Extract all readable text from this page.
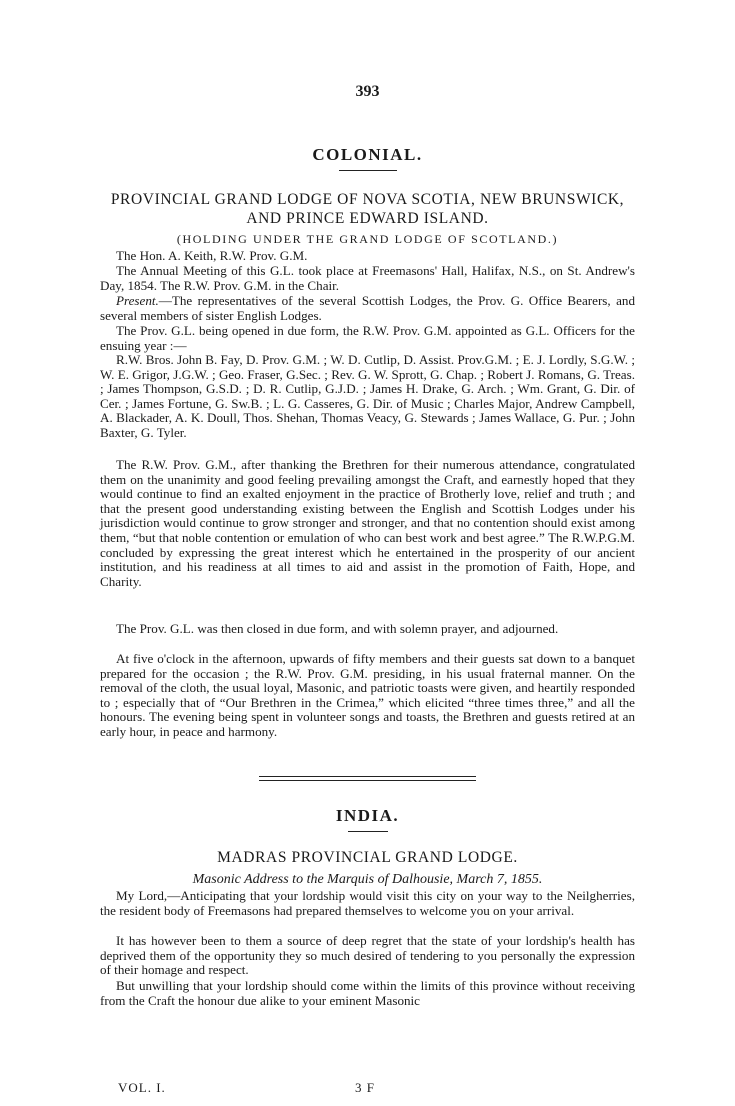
393
COLONIAL.
PROVINCIAL GRAND LODGE OF NOVA SCOTIA, NEW BRUNSWICK, AND PRINCE EDWARD ISLAND.
(HOLDING UNDER THE GRAND LODGE OF SCOTLAND.)
The Hon. A. Keith, R.W. Prov. G.M.
The Annual Meeting of this G.L. took place at Freemasons' Hall, Halifax, N.S., on St. Andrew's Day, 1854. The R.W. Prov. G.M. in the Chair.
Present.—The representatives of the several Scottish Lodges, the Prov. G. Office Bearers, and several members of sister English Lodges.
The Prov. G.L. being opened in due form, the R.W. Prov. G.M. appointed as G.L. Officers for the ensuing year :—
R.W. Bros. John B. Fay, D. Prov. G.M. ; W. D. Cutlip, D. Assist. Prov.G.M. ; E. J. Lordly, S.G.W. ; W. E. Grigor, J.G.W. ; Geo. Fraser, G.Sec. ; Rev. G. W. Sprott, G. Chap. ; Robert J. Romans, G. Treas. ; James Thompson, G.S.D. ; D. R. Cutlip, G.J.D. ; James H. Drake, G. Arch. ; Wm. Grant, G. Dir. of Cer. ; James Fortune, G. Sw.B. ; L. G. Casseres, G. Dir. of Music ; Charles Major, Andrew Campbell, A. Blackader, A. K. Doull, Thos. Shehan, Thomas Veacy, G. Stewards ; James Wallace, G. Pur. ; John Baxter, G. Tyler.
The R.W. Prov. G.M., after thanking the Brethren for their numerous attendance, congratulated them on the unanimity and good feeling prevailing amongst the Craft, and earnestly hoped that they would continue to find an exalted enjoyment in the practice of Brotherly love, relief and truth ; and that the present good understanding existing between the English and Scottish Lodges under his jurisdiction would continue to grow stronger and stronger, and that no contention should exist among them, “but that noble contention or emulation of who can best work and best agree.” The R.W.P.G.M. concluded by expressing the great interest which he entertained in the prosperity of our ancient institution, and his readiness at all times to aid and assist in the promotion of Faith, Hope, and Charity.
The Prov. G.L. was then closed in due form, and with solemn prayer, and adjourned.
At five o'clock in the afternoon, upwards of fifty members and their guests sat down to a banquet prepared for the occasion ; the R.W. Prov. G.M. presiding, in his usual fraternal manner. On the removal of the cloth, the usual loyal, Masonic, and patriotic toasts were given, and heartily responded to ; especially that of “Our Brethren in the Crimea,” which elicited “three times three,” and all the honours. The evening being spent in volunteer songs and toasts, the Brethren and guests retired at an early hour, in peace and harmony.
INDIA.
MADRAS PROVINCIAL GRAND LODGE.
Masonic Address to the Marquis of Dalhousie, March 7, 1855.
My Lord,—Anticipating that your lordship would visit this city on your way to the Neilgherries, the resident body of Freemasons had prepared themselves to welcome you on your arrival.
It has however been to them a source of deep regret that the state of your lordship's health has deprived them of the opportunity they so much desired of tendering to you personally the expression of their homage and respect.
But unwilling that your lordship should come within the limits of this province without receiving from the Craft the honour due alike to your eminent Masonic
VOL. I.	3 F
